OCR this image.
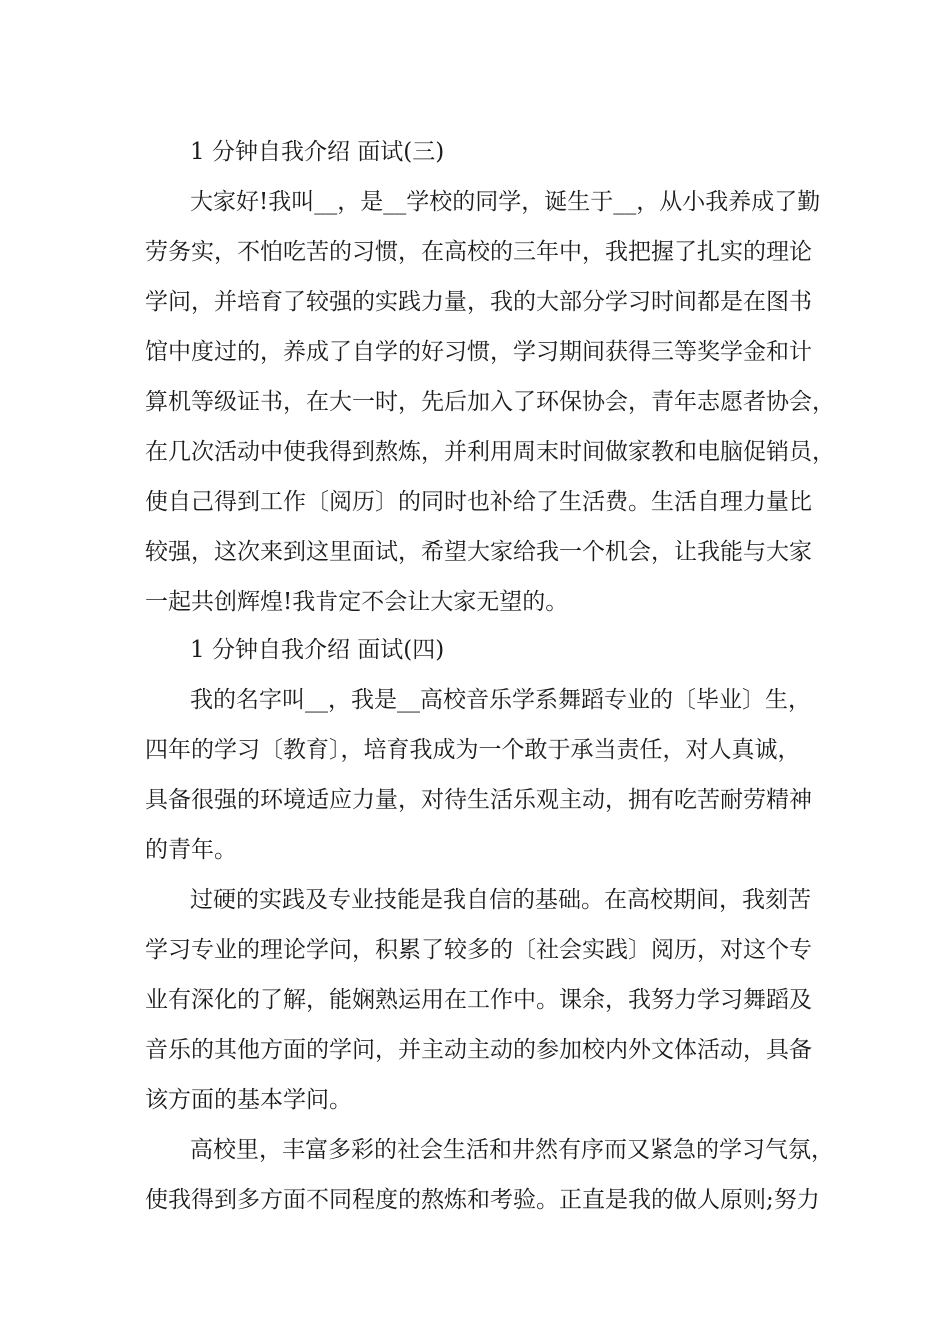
1 分钟自我介绍 面试(三)
大家好!我叫__，是__学校的同学，诞生于__，从小我养成了勤
劳务实，不怕吃苦的习惯，在高校的三年中，我把握了扎实的理论
学问，并培育了较强的实践力量，我的大部分学习时间都是在图书
馆中度过的，养成了自学的好习惯，学习期间获得三等奖学金和计
算机等级证书，在大一时，先后加入了环保协会，青年志愿者协会，
在几次活动中使我得到熬炼，并利用周末时间做家教和电脑促销员，
使自己得到工作〔阅历〕的同时也补给了生活费。生活自理力量比
较强，这次来到这里面试，希望大家给我一个机会，让我能与大家
一起共创辉煌!我肯定不会让大家无望的。
1 分钟自我介绍 面试(四)
我的名字叫__，我是__高校音乐学系舞蹈专业的〔毕业〕生，
四年的学习〔教育〕，培育我成为一个敢于承当责任，对人真诚，
具备很强的环境适应力量，对待生活乐观主动，拥有吃苦耐劳精神
的青年。
过硬的实践及专业技能是我自信的基础。在高校期间，我刻苦
学习专业的理论学问，积累了较多的〔社会实践〕阅历，对这个专
业有深化的了解，能娴熟运用在工作中。课余，我努力学习舞蹈及
音乐的其他方面的学问，并主动主动的参加校内外文体活动，具备
该方面的基本学问。
高校里，丰富多彩的社会生活和井然有序而又紧急的学习气氛，
使我得到多方面不同程度的熬炼和考验。正直是我的做人原则;努力
